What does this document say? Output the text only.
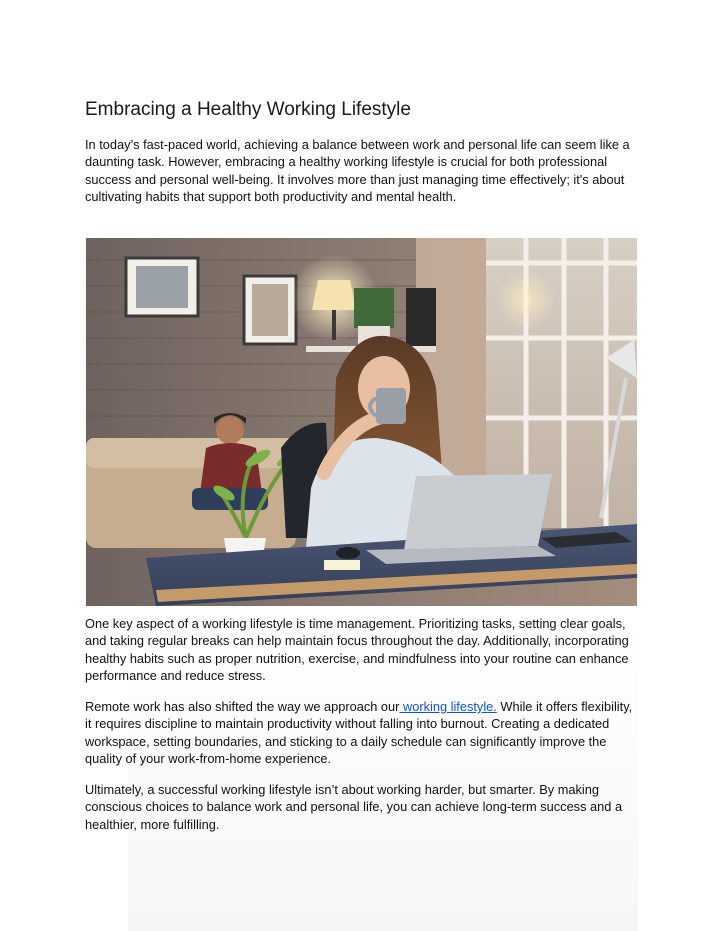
Embracing a Healthy Working Lifestyle

In today’s fast-paced world, achieving a balance between work and personal life can seem like a daunting task. However, embracing a healthy working lifestyle is crucial for both professional success and personal well-being. It involves more than just managing time effectively; it's about cultivating habits that support both productivity and mental health.

One key aspect of a working lifestyle is time management. Prioritizing tasks, setting clear goals, and taking regular breaks can help maintain focus throughout the day. Additionally, incorporating healthy habits such as proper nutrition, exercise, and mindfulness into your routine can enhance performance and reduce stress.

Remote work has also shifted the way we approach our working lifestyle. While it offers flexibility, it requires discipline to maintain productivity without falling into burnout. Creating a dedicated workspace, setting boundaries, and sticking to a daily schedule can significantly improve the quality of your work-from-home experience.

Ultimately, a successful working lifestyle isn’t about working harder, but smarter. By making conscious choices to balance work and personal life, you can achieve long-term success and a healthier, more fulfilling.
